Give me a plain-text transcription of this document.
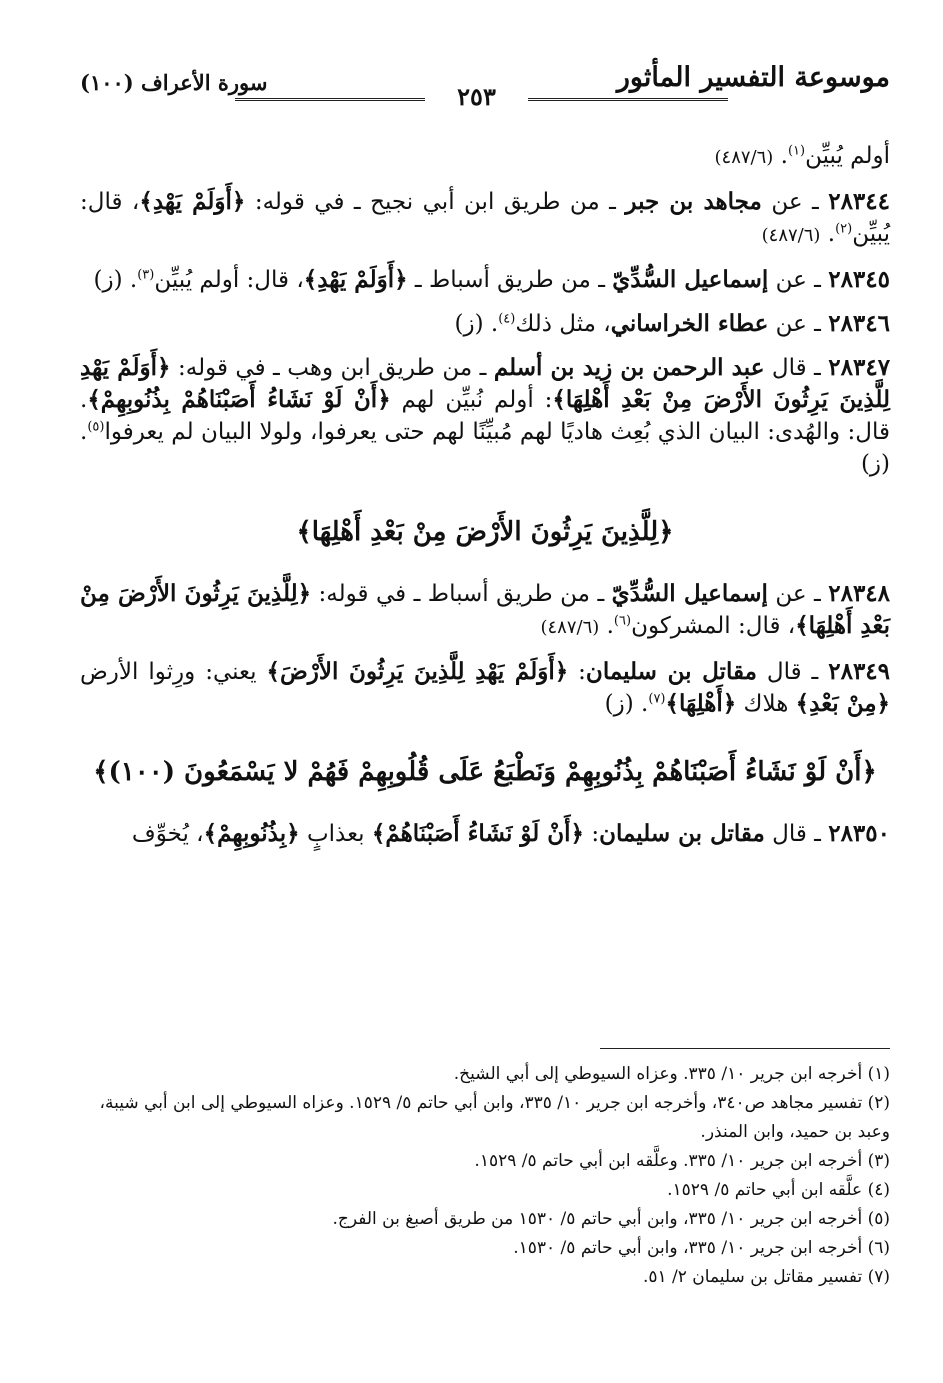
موسوعة التفسير المأثور
٢٥٣
سورة الأعراف (١٠٠)

أولم يُبيِّن$^{(١)}$. (٤٨٧/٦)

٢٨٣٤٤ ـ عن مجاهد بن جبر ـ من طريق ابن أبي نجيح ـ في قوله: ﴿أَوَلَمْ يَهْدِ﴾، قال: يُبيِّن$^{(٢)}$. (٤٨٧/٦)

٢٨٣٤٥ ـ عن إسماعيل السُّدِّيّ ـ من طريق أسباط ـ ﴿أَوَلَمْ يَهْدِ﴾، قال: أولم يُبيِّن$^{(٣)}$. (ز)

٢٨٣٤٦ ـ عن عطاء الخراساني، مثل ذلك$^{(٤)}$. (ز)

٢٨٣٤٧ ـ قال عبد الرحمن بن زيد بن أسلم ـ من طريق ابن وهب ـ في قوله: ﴿أَوَلَمْ يَهْدِ لِلَّذِينَ يَرِثُونَ الأَرْضَ مِنْ بَعْدِ أَهْلِهَا﴾: أولم نُبيِّن لهم ﴿أَنْ لَوْ نَشَاءُ أَصَبْنَاهُمْ بِذُنُوبِهِمْ﴾. قال: والهُدى: البيان الذي بُعِث هاديًا لهم مُبيِّنًا لهم حتى يعرفوا، ولولا البيان لم يعرفوا$^{(٥)}$. (ز)

﴿لِلَّذِينَ يَرِثُونَ الأَرْضَ مِنْ بَعْدِ أَهْلِهَا﴾

٢٨٣٤٨ ـ عن إسماعيل السُّدِّيّ ـ من طريق أسباط ـ في قوله: ﴿لِلَّذِينَ يَرِثُونَ الأَرْضَ مِنْ بَعْدِ أَهْلِهَا﴾، قال: المشركون$^{(٦)}$. (٤٨٧/٦)

٢٨٣٤٩ ـ قال مقاتل بن سليمان: ﴿أَوَلَمْ يَهْدِ لِلَّذِينَ يَرِثُونَ الأَرْضَ﴾ يعني: ورِثوا الأرض ﴿مِنْ بَعْدِ﴾ هلاك ﴿أَهْلِهَا﴾$^{(٧)}$. (ز)

﴿أَنْ لَوْ نَشَاءُ أَصَبْنَاهُمْ بِذُنُوبِهِمْ وَنَطْبَعُ عَلَى قُلُوبِهِمْ فَهُمْ لا يَسْمَعُونَ (١٠٠)﴾

٢٨٣٥٠ ـ قال مقاتل بن سليمان: ﴿أَنْ لَوْ نَشَاءُ أَصَبْنَاهُمْ﴾ بعذابٍ ﴿بِذُنُوبِهِمْ﴾، يُخوِّف

(١) أخرجه ابن جرير ١٠/ ٣٣٥. وعزاه السيوطي إلى أبي الشيخ.

(٢) تفسير مجاهد ص٣٤٠، وأخرجه ابن جرير ١٠/ ٣٣٥، وابن أبي حاتم ٥/ ١٥٢٩. وعزاه السيوطي إلى ابن أبي شيبة، وعبد بن حميد، وابن المنذر.

(٣) أخرجه ابن جرير ١٠/ ٣٣٥. وعلَّقه ابن أبي حاتم ٥/ ١٥٢٩.

(٤) علَّقه ابن أبي حاتم ٥/ ١٥٢٩.

(٥) أخرجه ابن جرير ١٠/ ٣٣٥، وابن أبي حاتم ٥/ ١٥٣٠ من طريق أصبغ بن الفرج.

(٦) أخرجه ابن جرير ١٠/ ٣٣٥، وابن أبي حاتم ٥/ ١٥٣٠.

(٧) تفسير مقاتل بن سليمان ٢/ ٥١.
